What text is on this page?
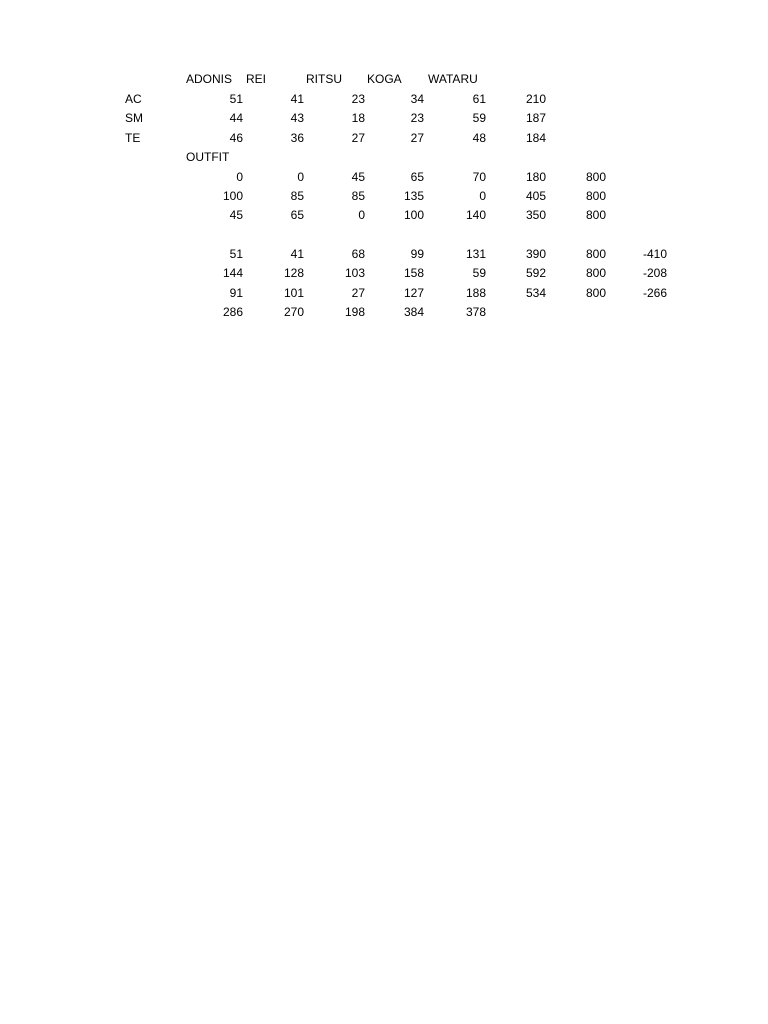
ADONIS REI	RITSU KOGA WATARU
AC	51	41	23	34	61	210
SM	44	43	18	23	59	187
TE	46	36	27	27	48	184
OUTFIT
0	0	45	65	70	180	800
100	85	85	135	0	405	800
45	65	0	100	140	350	800
51	41	68	99	131	390	800	-410
144	128	103	158	59	592	800	-208
91	101	27	127	188	534	800	-266
286	270	198	384	378
